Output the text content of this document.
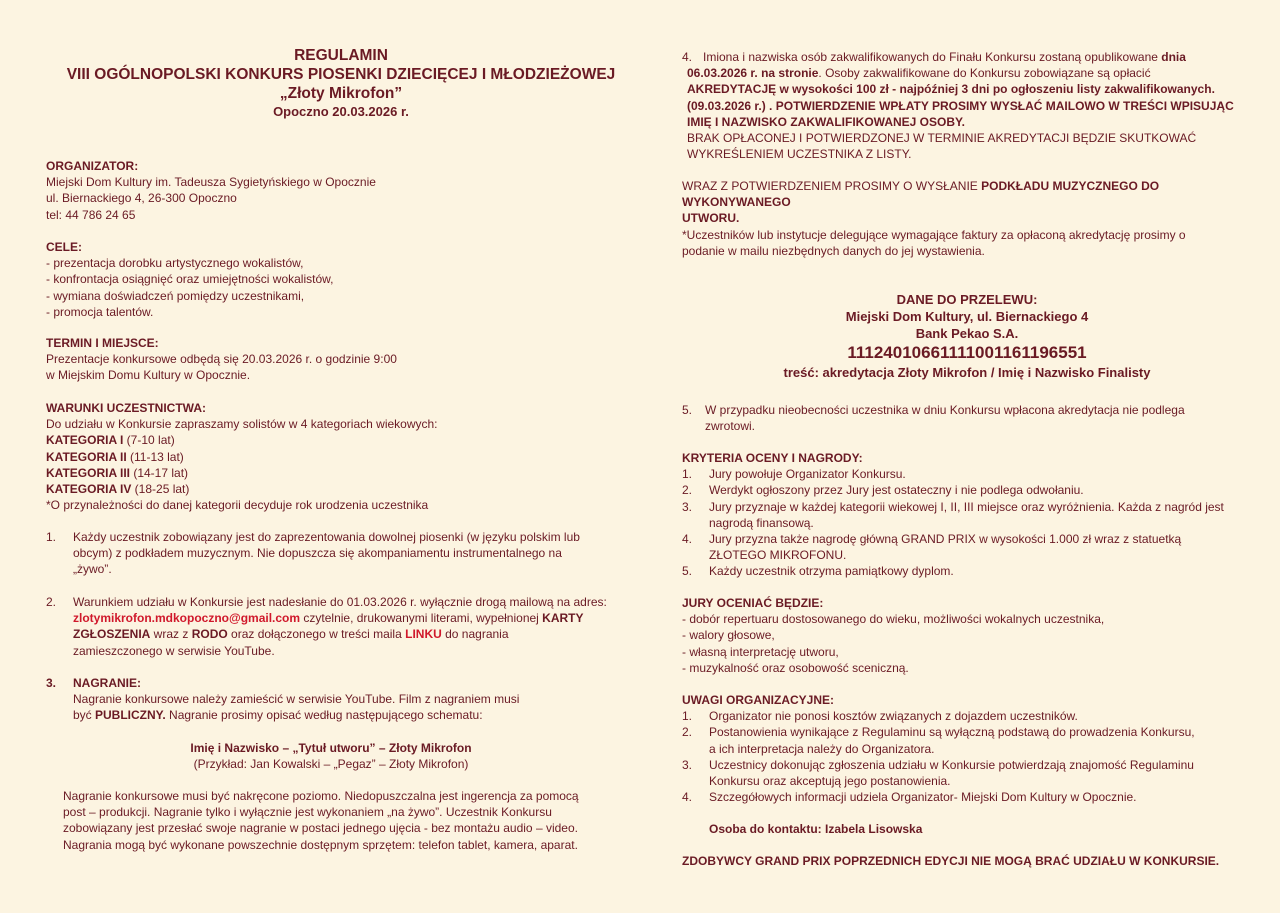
REGULAMIN
VIII OGÓLNOPOLSKI KONKURS PIOSENKI DZIECIĘCEJ I MŁODZIEŻOWEJ
„Złoty Mikrofon”
Opoczno 20.03.2026 r.
ORGANIZATOR:
Miejski Dom Kultury im. Tadeusza Sygietyńskiego w Opocznie
ul. Biernackiego 4, 26-300 Opoczno
tel: 44 786 24 65
CELE:
- prezentacja dorobku artystycznego wokalistów,
- konfrontacja osiągnięć oraz umiejętności wokalistów,
- wymiana doświadczeń pomiędzy uczestnikami,
- promocja talentów.
TERMIN I MIEJSCE:
Prezentacje konkursowe odbędą się 20.03.2026 r. o godzinie 9:00
w Miejskim Domu Kultury w Opocznie.
WARUNKI UCZESTNICTWA:
Do udziału w Konkursie zapraszamy solistów w 4 kategoriach wiekowych:
KATEGORIA I (7-10 lat)
KATEGORIA II (11-13 lat)
KATEGORIA III (14-17 lat)
KATEGORIA IV (18-25 lat)
*O przynależności do danej kategorii decyduje rok urodzenia uczestnika
1. Każdy uczestnik zobowiązany jest do zaprezentowania dowolnej piosenki (w języku polskim lub
obcym) z podkładem muzycznym. Nie dopuszcza się akompaniamentu instrumentalnego na
„żywo”.
2. Warunkiem udziału w Konkursie jest nadesłanie do 01.03.2026 r. wyłącznie drogą mailową na adres:
zlotymikrofon.mdkopoczno@gmail.com czytelnie, drukowanymi literami, wypełnionej KARTY
ZGŁOSZENIA wraz z RODO oraz dołączonego w treści maila LINKU do nagrania
zamieszczonego w serwisie YouTube.
3. NAGRANIE:
Nagranie konkursowe należy zamieścić w serwisie YouTube. Film z nagraniem musi
być PUBLICZNY. Nagranie prosimy opisać według następującego schematu:
Imię i Nazwisko – „Tytuł utworu” – Złoty Mikrofon
(Przykład: Jan Kowalski – „Pegaz” – Złoty Mikrofon)
Nagranie konkursowe musi być nakręcone poziomo. Niedopuszczalna jest ingerencja za pomocą
post – produkcji. Nagranie tylko i wyłącznie jest wykonaniem „na żywo”. Uczestnik Konkursu
zobowiązany jest przesłać swoje nagranie w postaci jednego ujęcia - bez montażu audio – video.
Nagrania mogą być wykonane powszechnie dostępnym sprzętem: telefon tablet, kamera, aparat.
4. Imiona i nazwiska osób zakwalifikowanych do Finału Konkursu zostaną opublikowane dnia
06.03.2026 r. na stronie. Osoby zakwalifikowane do Konkursu zobowiązane są opłacić
AKREDYTACJĘ w wysokości 100 zł - najpóźniej 3 dni po ogłoszeniu listy zakwalifikowanych.
(09.03.2026 r.) . POTWIERDZENIE WPŁATY PROSIMY WYSŁAĆ MAILOWO W TREŚCI WPISUJĄC
IMIĘ I NAZWISKO ZAKWALIFIKOWANEJ OSOBY.
BRAK OPŁACONEJ I POTWIERDZONEJ W TERMINIE AKREDYTACJI BĘDZIE SKUTKOWAĆ
WYKREŚLENIEM UCZESTNIKA Z LISTY.
WRAZ Z POTWIERDZENIEM PROSIMY O WYSŁANIE PODKŁADU MUZYCZNEGO DO WYKONYWANEGO
UTWORU.
*Uczestników lub instytucje delegujące wymagające faktury za opłaconą akredytację prosimy o
podanie w mailu niezbędnych danych do jej wystawienia.
DANE DO PRZELEWU:
Miejski Dom Kultury, ul. Biernackiego 4
Bank Pekao S.A.
11124010661111001161196551
treść: akredytacja Złoty Mikrofon / Imię i Nazwisko Finalisty
5. W przypadku nieobecności uczestnika w dniu Konkursu wpłacona akredytacja nie podlega
zwrotowi.
KRYTERIA OCENY I NAGRODY:
1. Jury powołuje Organizator Konkursu.
2. Werdykt ogłoszony przez Jury jest ostateczny i nie podlega odwołaniu.
3. Jury przyznaje w każdej kategorii wiekowej I, II, III miejsce oraz wyróżnienia. Każda z nagród jest
nagrodą finansową.
4. Jury przyzna także nagrodę główną GRAND PRIX w wysokości 1.000 zł wraz z statuetką
ZŁOTEGO MIKROFONU.
5. Każdy uczestnik otrzyma pamiątkowy dyplom.
JURY OCENIAĆ BĘDZIE:
- dobór repertuaru dostosowanego do wieku, możliwości wokalnych uczestnika,
- walory głosowe,
- własną interpretację utworu,
- muzykalność oraz osobowość sceniczną.
UWAGI ORGANIZACYJNE:
1. Organizator nie ponosi kosztów związanych z dojazdem uczestników.
2. Postanowienia wynikające z Regulaminu są wyłączną podstawą do prowadzenia Konkursu,
a ich interpretacja należy do Organizatora.
3. Uczestnicy dokonując zgłoszenia udziału w Konkursie potwierdzają znajomość Regulaminu
Konkursu oraz akceptują jego postanowienia.
4. Szczegółowych informacji udziela Organizator- Miejski Dom Kultury w Opocznie.
Osoba do kontaktu: Izabela Lisowska
ZDOBYWCY GRAND PRIX POPRZEDNICH EDYCJI NIE MOGĄ BRAĆ UDZIAŁU W KONKURSIE.
